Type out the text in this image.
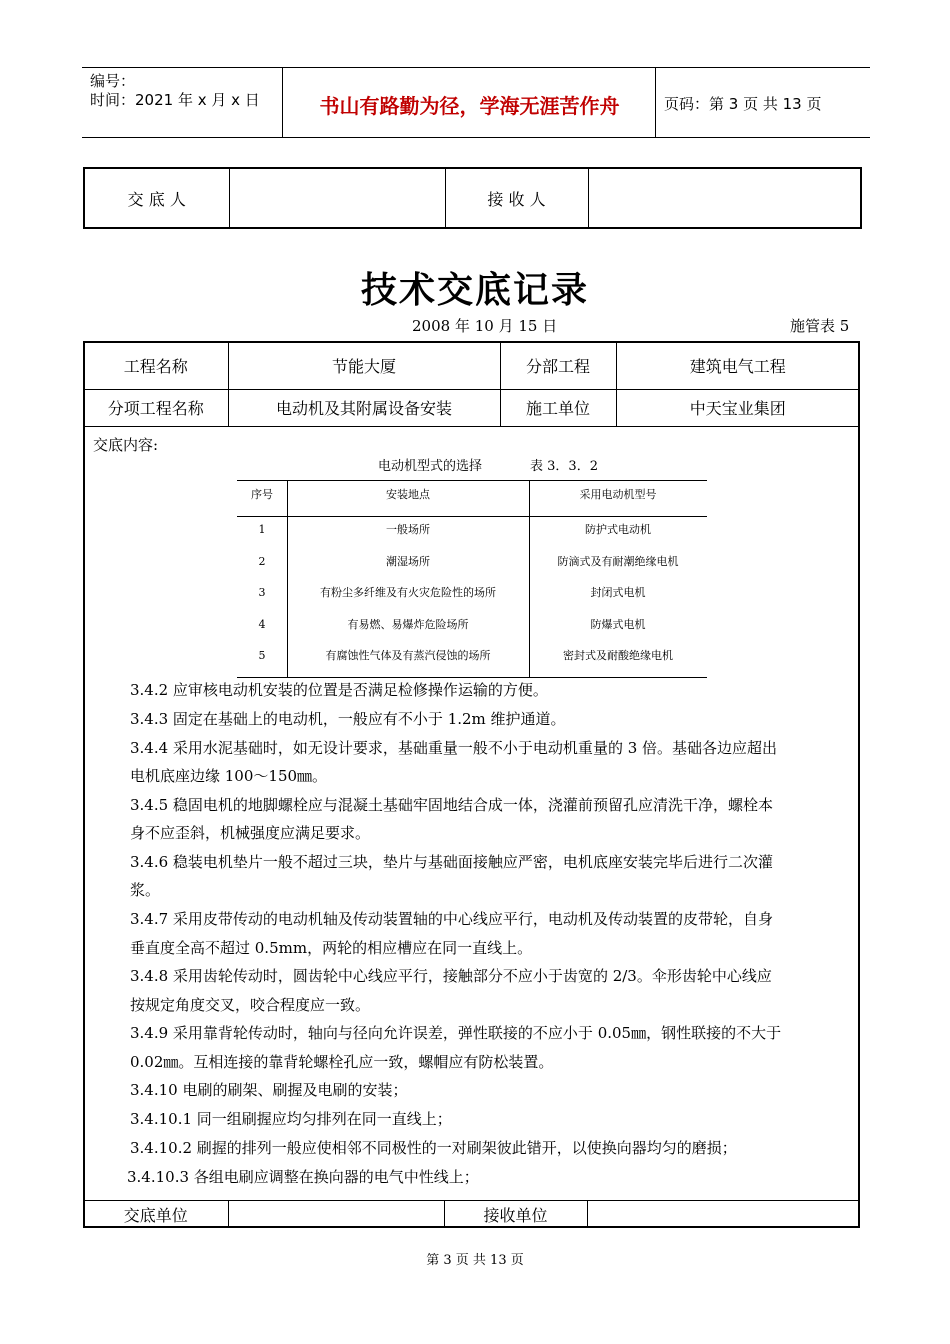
编号：
时间：2021 年 x 月 x 日	书山有路勤为径，学海无涯苦作舟	页码：第 3 页 共 13 页
交 底 人		接 收 人	
技术交底记录
2008 年 10 月 15 日	施管表 5
工程名称	节能大厦	分部工程	建筑电气工程
分项工程名称	电动机及其附属设备安装	施工单位	中天宝业集团
交底内容:
电动机型式的选择	表 3．3．2
序号	安装地点	采用电动机型号
1	一般场所	防护式电动机
2	潮湿场所	防滴式及有耐潮绝缘电机
3	有粉尘多纤维及有火灾危险性的场所	封闭式电机
4	有易燃、易爆炸危险场所	防爆式电机
5	有腐蚀性气体及有蒸汽侵蚀的场所	密封式及耐酸绝缘电机
3.4.2 应审核电动机安装的位置是否满足检修操作运输的方便。
3.4.3 固定在基础上的电动机，一般应有不小于 1.2m 维护通道。
3.4.4 采用水泥基础时，如无设计要求，基础重量一般不小于电动机重量的 3 倍。基础各边应超出
电机底座边缘 100～150㎜。
3.4.5 稳固电机的地脚螺栓应与混凝土基础牢固地结合成一体，浇灌前预留孔应清洗干净，螺栓本
身不应歪斜，机械强度应满足要求。
3.4.6 稳装电机垫片一般不超过三块，垫片与基础面接触应严密，电机底座安装完毕后进行二次灌
浆。
3.4.7 采用皮带传动的电动机轴及传动装置轴的中心线应平行，电动机及传动装置的皮带轮，自身
垂直度全高不超过 0.5mm，两轮的相应槽应在同一直线上。
3.4.8 采用齿轮传动时，圆齿轮中心线应平行，接触部分不应小于齿宽的 2/3。伞形齿轮中心线应
按规定角度交叉，咬合程度应一致。
3.4.9 采用靠背轮传动时，轴向与径向允许误差，弹性联接的不应小于 0.05㎜，钢性联接的不大于
0.02㎜。互相连接的靠背轮螺栓孔应一致，螺帽应有防松装置。
3.4.10 电刷的刷架、刷握及电刷的安装；
3.4.10.1 同一组刷握应均匀排列在同一直线上；
3.4.10.2 刷握的排列一般应使相邻不同极性的一对刷架彼此错开，以使换向器均匀的磨损；
3.4.10.3 各组电刷应调整在换向器的电气中性线上；
交底单位		接收单位	
第 3 页 共 13 页
